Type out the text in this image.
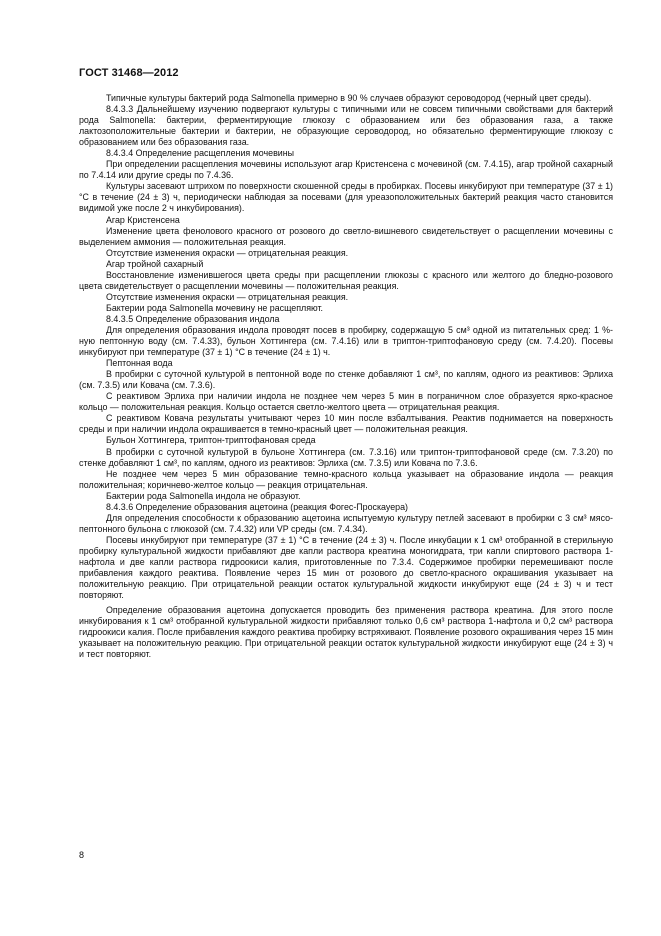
ГОСТ 31468—2012

Типичные культуры бактерий рода Salmonella примерно в 90 % случаев образуют сероводород (черный цвет среды).

8.4.3.3 Дальнейшему изучению подвергают культуры с типичными или не совсем типичными свойствами для бактерий рода Salmonella: бактерии, ферментирующие глюкозу с образованием или без образования газа, а также лактозоположительные бактерии и бактерии, не образующие сероводород, но обязательно ферментирующие глюкозу с образованием или без образования газа.

8.4.3.4 Определение расщепления мочевины

При определении расщепления мочевины используют агар Кристенсена с мочевиной (см. 7.4.15), агар тройной сахарный по 7.4.14 или другие среды по 7.4.36.

Культуры засевают штрихом по поверхности скошенной среды в пробирках. Посевы инкубируют при температуре (37 ± 1) °С в течение (24 ± 3) ч, периодически наблюдая за посевами (для уреазоположительных бактерий реакция часто становится видимой уже после 2 ч инкубирования).

Агар Кристенсена

Изменение цвета фенолового красного от розового до светло-вишневого свидетельствует о расщеплении мочевины с выделением аммония — положительная реакция.

Отсутствие изменения окраски — отрицательная реакция.

Агар тройной сахарный

Восстановление изменившегося цвета среды при расщеплении глюкозы с красного или желтого до бледно-розового цвета свидетельствует о расщеплении мочевины — положительная реакция.

Отсутствие изменения окраски — отрицательная реакция.

Бактерии рода Salmonella мочевину не расщепляют.

8.4.3.5 Определение образования индола

Для определения образования индола проводят посев в пробирку, содержащую 5 см³ одной из питательных сред: 1 %-ную пептонную воду (см. 7.4.33), бульон Хоттингера (см. 7.4.16) или в триптон-триптофановую среду (см. 7.4.20). Посевы инкубируют при температуре (37 ± 1) °С в течение (24 ± 1) ч.

Пептонная вода

В пробирки с суточной культурой в пептонной воде по стенке добавляют 1 см³, по каплям, одного из реактивов: Эрлиха (см. 7.3.5) или Ковача (см. 7.3.6).

С реактивом Эрлиха при наличии индола не позднее чем через 5 мин в пограничном слое образуется ярко-красное кольцо — положительная реакция. Кольцо остается светло-желтого цвета — отрицательная реакция.

С реактивом Ковача результаты учитывают через 10 мин после взбалтывания. Реактив поднимается на поверхность среды и при наличии индола окрашивается в темно-красный цвет — положительная реакция.

Бульон Хоттингера, триптон-триптофановая среда

В пробирки с суточной культурой в бульоне Хоттингера (см. 7.3.16) или триптон-триптофановой среде (см. 7.3.20) по стенке добавляют 1 см³, по каплям, одного из реактивов: Эрлиха (см. 7.3.5) или Ковача по 7.3.6.

Не позднее чем через 5 мин образование темно-красного кольца указывает на образование индола — реакция положительная; коричнево-желтое кольцо — реакция отрицательная.

Бактерии рода Salmonella индола не образуют.

8.4.3.6 Определение образования ацетоина (реакция Фогес-Проскауера)

Для определения способности к образованию ацетоина испытуемую культуру петлей засевают в пробирки с 3 см³ мясо-пептонного бульона с глюкозой (см. 7.4.32) или VP среды (см. 7.4.34).

Посевы инкубируют при температуре (37 ± 1) °С в течение (24 ± 3) ч. После инкубации к 1 см³ отобранной в стерильную пробирку культуральной жидкости прибавляют две капли раствора креатина моногидрата, три капли спиртового раствора 1-нафтола и две капли раствора гидроокиси калия, приготовленные по 7.3.4. Содержимое пробирки перемешивают после прибавления каждого реактива. Появление через 15 мин от розового до светло-красного окрашивания указывает на положительную реакцию. При отрицательной реакции остаток культуральной жидкости инкубируют еще (24 ± 3) ч и тест повторяют.

Определение образования ацетоина допускается проводить без применения раствора креатина. Для этого после инкубирования к 1 см³ отобранной культуральной жидкости прибавляют только 0,6 см³ раствора 1-нафтола и 0,2 см³ раствора гидроокиси калия. После прибавления каждого реактива пробирку встряхивают. Появление розового окрашивания через 15 мин указывает на положительную реакцию. При отрицательной реакции остаток культуральной жидкости инкубируют еще (24 ± 3) ч и тест повторяют.

8
